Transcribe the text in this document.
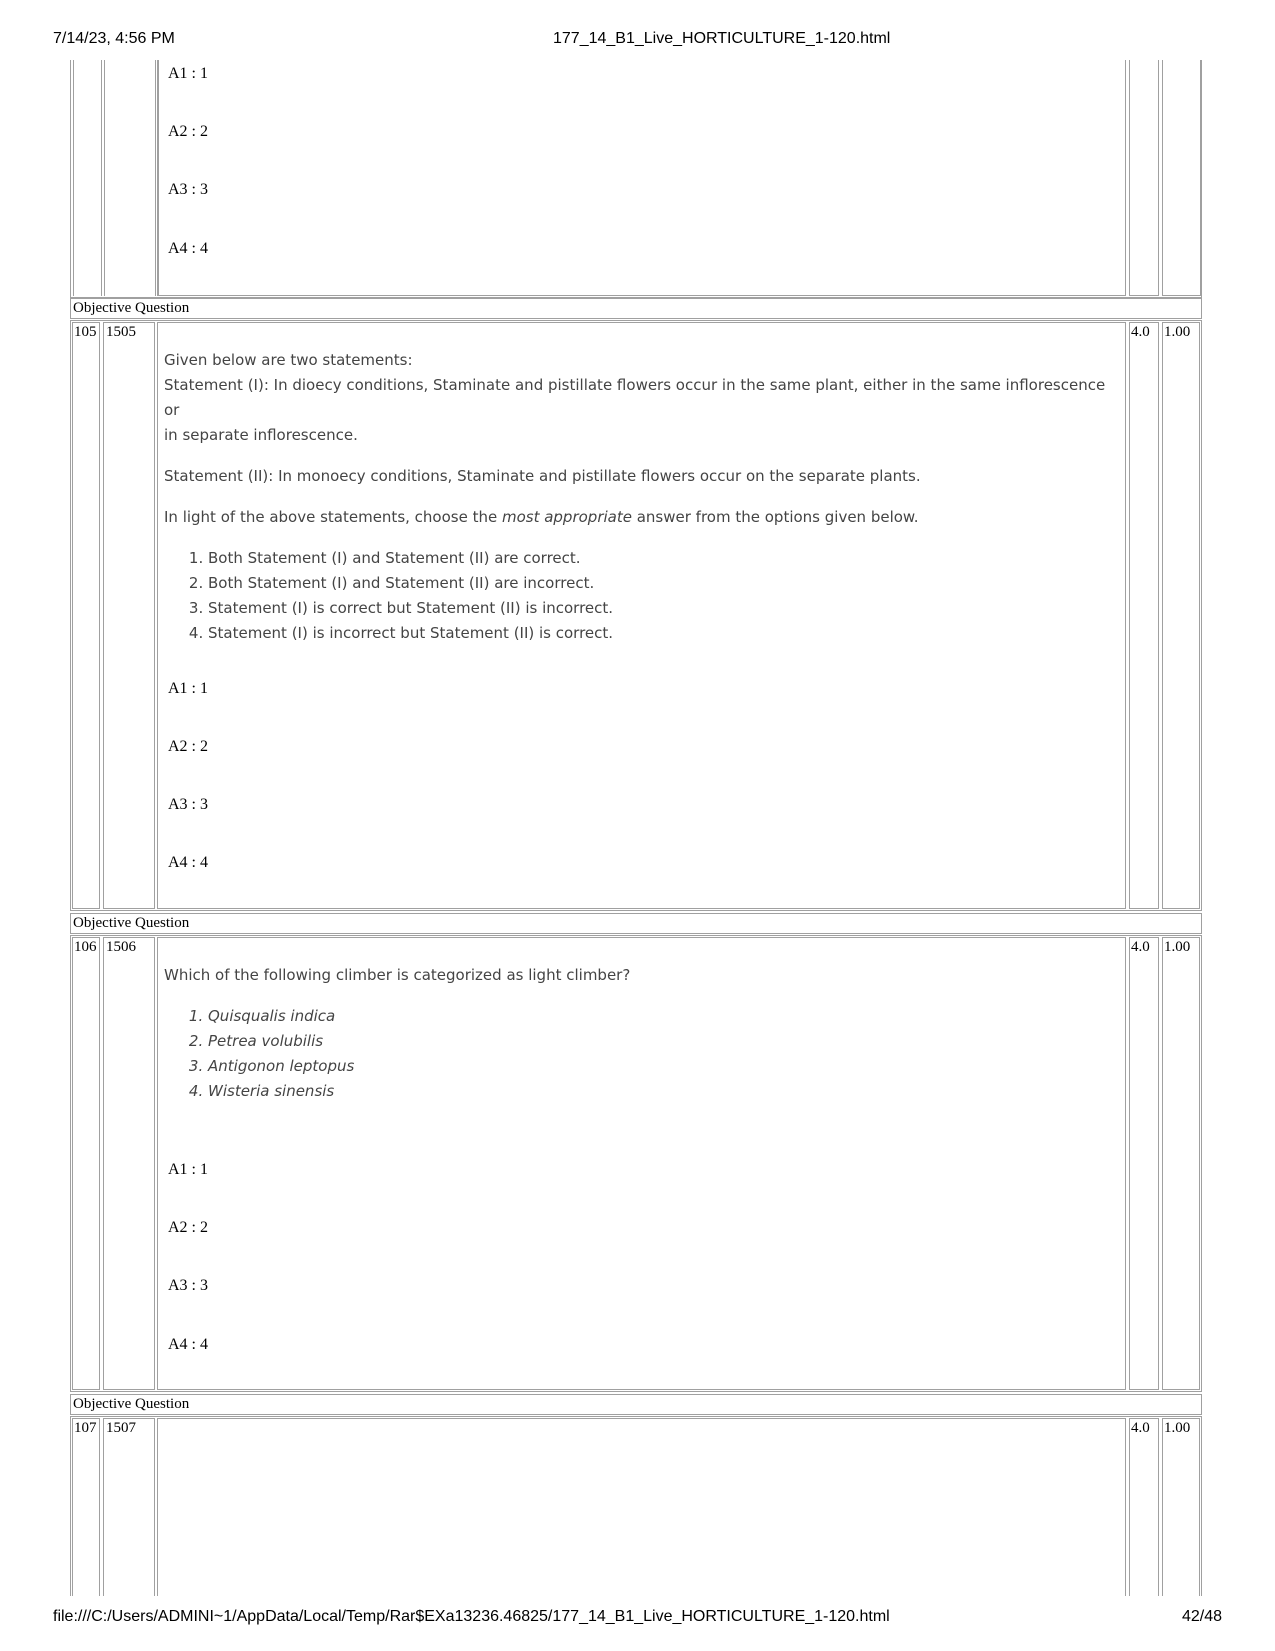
7/14/23, 4:56 PM	177_14_B1_Live_HORTICULTURE_1-120.html
A1 : 1
A2 : 2
A3 : 3
A4 : 4
Objective Question
105 1505	4.0 1.00

Given below are two statements:

Statement (I): In dioecy conditions, Staminate and pistillate flowers occur in the same plant, either in the same inflorescence or

in separate inflorescence.

Statement (II): In monoecy conditions, Staminate and pistillate flowers occur on the separate plants.

In light of the above statements, choose the most appropriate answer from the options given below.

1. Both Statement (I) and Statement (II) are correct.
2. Both Statement (I) and Statement (II) are incorrect.
3. Statement (I) is correct but Statement (II) is incorrect.
4. Statement (I) is incorrect but Statement (II) is correct.
A1 : 1
A2 : 2
A3 : 3
A4 : 4
Objective Question
106 1506	4.0 1.00

Which of the following climber is categorized as light climber?

1. Quisqualis indica
2. Petrea volubilis
3. Antigonon leptopus
4. Wisteria sinensis
A1 : 1
A2 : 2
A3 : 3
A4 : 4
Objective Question
107 1507	4.0 1.00
file:///C:/Users/ADMINI~1/AppData/Local/Temp/Rar$EXa13236.46825/177_14_B1_Live_HORTICULTURE_1-120.html	42/48
